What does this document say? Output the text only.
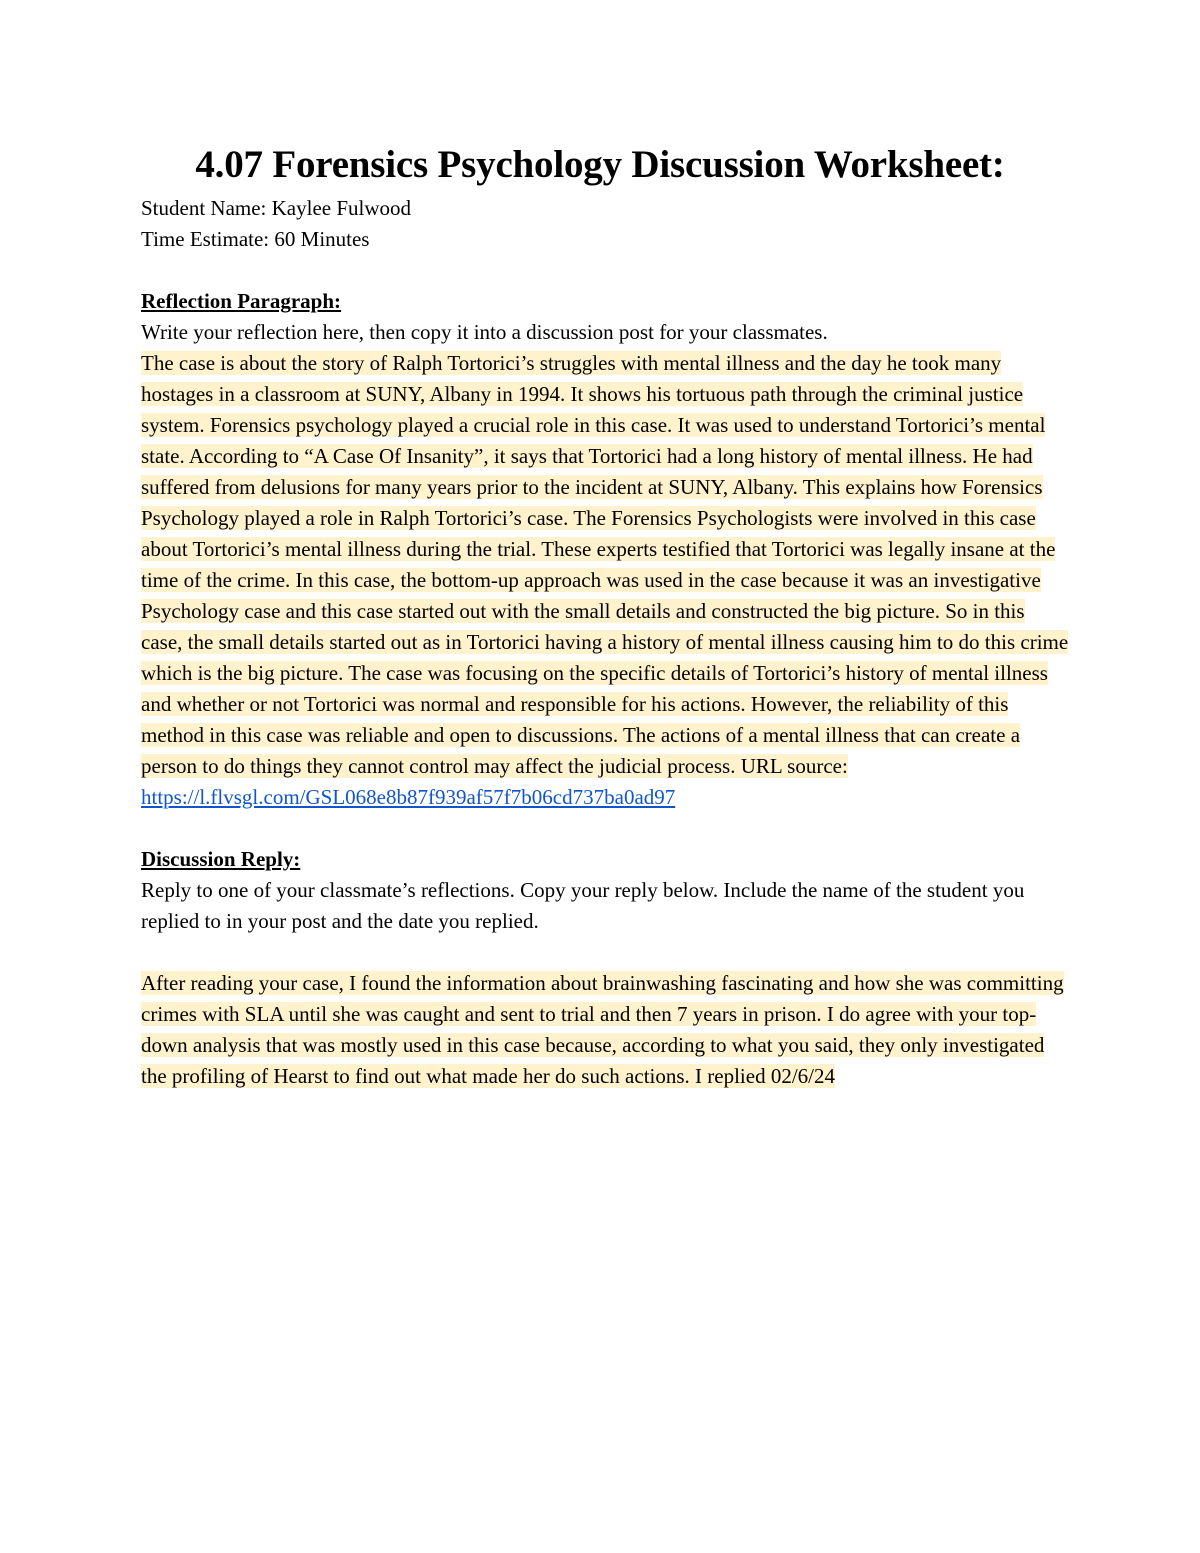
4.07 Forensics Psychology Discussion Worksheet:

Student Name: Kaylee Fulwood

Time Estimate: 60 Minutes

Reflection Paragraph:

Write your reflection here, then copy it into a discussion post for your classmates.

The case is about the story of Ralph Tortorici’s struggles with mental illness and the day he took many hostages in a classroom at SUNY, Albany in 1994. It shows his tortuous path through the criminal justice system. Forensics psychology played a crucial role in this case. It was used to understand Tortorici’s mental state. According to “A Case Of Insanity”, it says that Tortorici had a long history of mental illness. He had suffered from delusions for many years prior to the incident at SUNY, Albany. This explains how Forensics Psychology played a role in Ralph Tortorici’s case. The Forensics Psychologists were involved in this case about Tortorici’s mental illness during the trial. These experts testified that Tortorici was legally insane at the time of the crime. In this case, the bottom-up approach was used in the case because it was an investigative Psychology case and this case started out with the small details and constructed the big picture. So in this case, the small details started out as in Tortorici having a history of mental illness causing him to do this crime which is the big picture. The case was focusing on the specific details of Tortorici’s history of mental illness and whether or not Tortorici was normal and responsible for his actions. However, the reliability of this method in this case was reliable and open to discussions. The actions of a mental illness that can create a person to do things they cannot control may affect the judicial process. URL source:
https://l.flvsgl.com/GSL068e8b87f939af57f7b06cd737ba0ad97

Discussion Reply:

Reply to one of your classmate’s reflections. Copy your reply below. Include the name of the student you replied to in your post and the date you replied.

After reading your case, I found the information about brainwashing fascinating and how she was committing crimes with SLA until she was caught and sent to trial and then 7 years in prison. I do agree with your top-down analysis that was mostly used in this case because, according to what you said, they only investigated the profiling of Hearst to find out what made her do such actions. I replied 02/6/24
